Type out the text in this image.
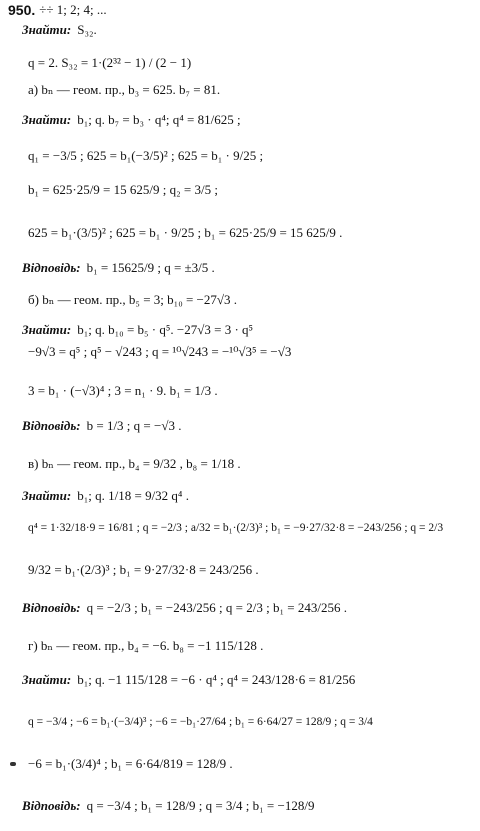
950. ÷÷ 1; 2; 4; ...
Знайти: S₃₂.
q = 2. S₃₂ = 1·(2³² − 1) / (2 − 1)
а) bₙ — геом. пр., b₃ = 625. b₇ = 81.
Знайти: b₁; q. b₇ = b₃ · q⁴; q⁴ = 81/625 ;
q₁ = −3/5 ; 625 = b₁(−3/5)² ; 625 = b₁ · 9/25 ;
b₁ = 625·25/9 = 15 625/9 ; q₂ = 3/5 ;
625 = b₁·(3/5)² ; 625 = b₁ · 9/25 ; b₁ = 625·25/9 = 15 625/9 .
Відповідь: b₁ = 15625/9 ; q = ±3/5 .
б) bₙ — геом. пр., b₅ = 3; b₁₀ = −27√3 .
Знайти: b₁; q. b₁₀ = b₅ · q⁵. −27√3 = 3 · q⁵
−9√3 = q⁵ ; q⁵ − √243 ; q = ¹⁰√243 = −¹⁰√3⁵ = −√3
3 = b₁ · (−√3)⁴ ; 3 = n₁ · 9. b₁ = 1/3 .
Відповідь: b = 1/3 ; q = −√3 .
в) bₙ — геом. пр., b₄ = 9/32 , b₈ = 1/18 .
Знайти: b₁; q. 1/18 = 9/32 q⁴ .
q⁴ = 1·32/18·9 = 16/81 ; q = −2/3 ; a/32 = b₁·(2/3)³ ; b₁ = −9·27/32·8 = −243/256 ; q = 2/3
9/32 = b₁·(2/3)³ ; b₁ = 9·27/32·8 = 243/256 .
Відповідь: q = −2/3 ; b₁ = −243/256 ; q = 2/3 ; b₁ = 243/256 .
г) bₙ — геом. пр., b₄ = −6. b₈ = −1 115/128 .
Знайти: b₁; q. −1 115/128 = −6 · q⁴ ; q⁴ = 243/128·6 = 81/256
q = −3/4 ; −6 = b₁·(−3/4)³ ; −6 = −b₁·27/64 ; b₁ = 6·64/27 = 128/9 ; q = 3/4
−6 = b₁·(3/4)⁴ ; b₁ = 6·64/819 = 128/9 .
Відповідь: q = −3/4 ; b₁ = 128/9 ; q = 3/4 ; b₁ = −128/9
